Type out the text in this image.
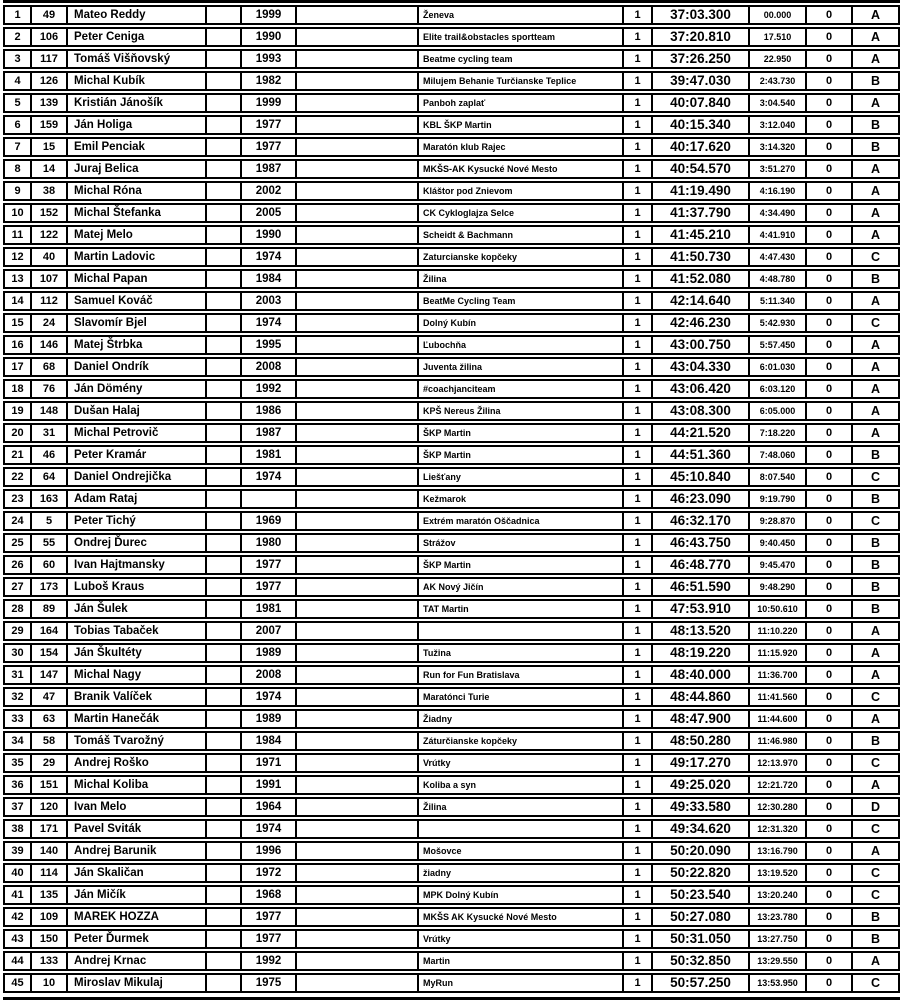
1	49	Mateo Reddy		1999		Ženeva	1	37:03.300	00.000	0	A
2	106	Peter Ceniga		1990		Elite trail&obstacles sportteam	1	37:20.810	17.510	0	A
3	117	Tomáš Višňovský		1993		Beatme cycling team	1	37:26.250	22.950	0	A
4	126	Michal Kubík		1982		Milujem Behanie Turčianske Teplice	1	39:47.030	2:43.730	0	B
5	139	Kristián Jánošík		1999		Panboh zaplať	1	40:07.840	3:04.540	0	A
6	159	Ján Holiga		1977		KBL ŠKP Martin	1	40:15.340	3:12.040	0	B
7	15	Emil Penciak		1977		Maratón klub Rajec	1	40:17.620	3:14.320	0	B
8	14	Juraj Belica		1987		MKŠS-AK Kysucké Nové Mesto	1	40:54.570	3:51.270	0	A
9	38	Michal Róna		2002		Kláštor pod Znievom	1	41:19.490	4:16.190	0	A
10	152	Michal Štefanka		2005		CK Cykloglajza Selce	1	41:37.790	4:34.490	0	A
11	122	Matej Melo		1990		Scheidt & Bachmann	1	41:45.210	4:41.910	0	A
12	40	Martin Ladovic		1974		Zaturcianske kopčeky	1	41:50.730	4:47.430	0	C
13	107	Michal Papan		1984		Žilina	1	41:52.080	4:48.780	0	B
14	112	Samuel Kováč		2003		BeatMe Cycling Team	1	42:14.640	5:11.340	0	A
15	24	Slavomír Bjel		1974		Dolný Kubín	1	42:46.230	5:42.930	0	C
16	146	Matej Štrbka		1995		Ľubochňa	1	43:00.750	5:57.450	0	A
17	68	Daniel Ondrík		2008		Juventa žilina	1	43:04.330	6:01.030	0	A
18	76	Ján Dömény		1992		#coachjanciteam	1	43:06.420	6:03.120	0	A
19	148	Dušan Halaj		1986		KPŠ Nereus Žilina	1	43:08.300	6:05.000	0	A
20	31	Michal Petrovič		1987		ŠKP Martin	1	44:21.520	7:18.220	0	A
21	46	Peter Kramár		1981		ŠKP Martin	1	44:51.360	7:48.060	0	B
22	64	Daniel Ondrejička		1974		Liešťany	1	45:10.840	8:07.540	0	C
23	163	Adam Rataj				Kežmarok	1	46:23.090	9:19.790	0	B
24	5	Peter Tichý		1969		Extrém maratón Oščadnica	1	46:32.170	9:28.870	0	C
25	55	Ondrej Ďurec		1980		Strážov	1	46:43.750	9:40.450	0	B
26	60	Ivan Hajtmansky		1977		ŠKP Martin	1	46:48.770	9:45.470	0	B
27	173	Luboš Kraus		1977		AK Nový Jičín	1	46:51.590	9:48.290	0	B
28	89	Ján Šulek		1981		TAT Martin	1	47:53.910	10:50.610	0	B
29	164	Tobias Tabaček		2007			1	48:13.520	11:10.220	0	A
30	154	Ján Škultéty		1989		Tužina	1	48:19.220	11:15.920	0	A
31	147	Michal Nagy		2008		Run for Fun Bratislava	1	48:40.000	11:36.700	0	A
32	47	Branik Valíček		1974		Maratónci Turie	1	48:44.860	11:41.560	0	C
33	63	Martin Hanečák		1989		Žiadny	1	48:47.900	11:44.600	0	A
34	58	Tomáš Tvarožný		1984		Záturčianske kopčeky	1	48:50.280	11:46.980	0	B
35	29	Andrej Roško		1971		Vrútky	1	49:17.270	12:13.970	0	C
36	151	Michal Koliba		1991		Koliba a syn	1	49:25.020	12:21.720	0	A
37	120	Ivan Melo		1964		Žilina	1	49:33.580	12:30.280	0	D
38	171	Pavel Sviták		1974			1	49:34.620	12:31.320	0	C
39	140	Andrej Barunik		1996		Mošovce	1	50:20.090	13:16.790	0	A
40	114	Ján Skaličan		1972		žiadny	1	50:22.820	13:19.520	0	C
41	135	Ján Mičík		1968		MPK Dolný Kubín	1	50:23.540	13:20.240	0	C
42	109	MAREK HOZZA		1977		MKŠS AK Kysucké Nové Mesto	1	50:27.080	13:23.780	0	B
43	150	Peter Ďurmek		1977		Vrútky	1	50:31.050	13:27.750	0	B
44	133	Andrej Krnac		1992		Martin	1	50:32.850	13:29.550	0	A
45	10	Miroslav Mikulaj		1975		MyRun	1	50:57.250	13:53.950	0	C
